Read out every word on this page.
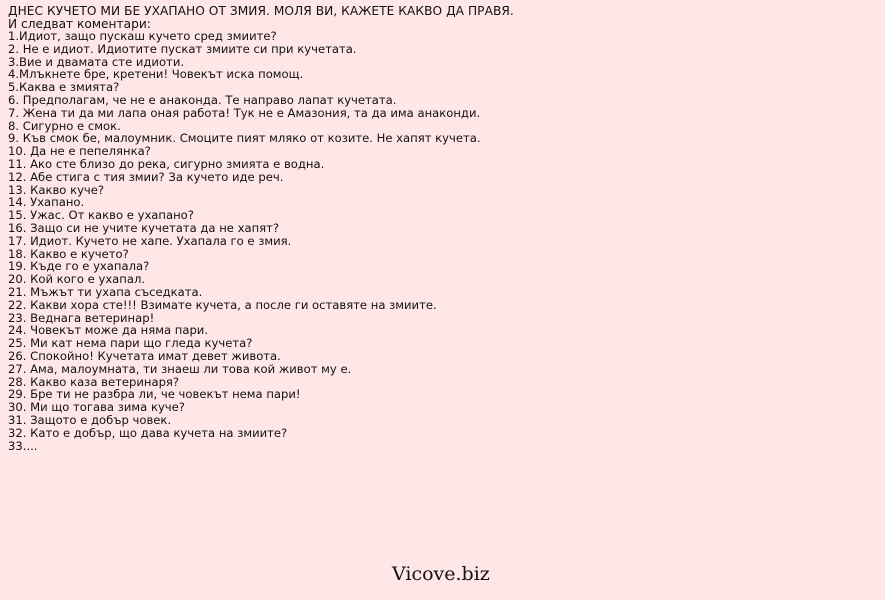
ДНЕС КУЧЕТО МИ БЕ УХАПАНО ОТ ЗМИЯ. МОЛЯ ВИ, КАЖЕТЕ КАКВО ДА ПРАВЯ.
И следват коментари:
1.Идиот, защо пускаш кучето сред змиите?
2. Не е идиот. Идиотите пускат змиите си при кучетата.
3.Вие и двамата сте идиоти.
4.Млъкнете бре, кретени! Човекът иска помощ.
5.Каква е змията?
6. Предполагам, че не е анаконда. Те направо лапат кучетата.
7. Жена ти да ми лапа оная работа! Тук не е Амазония, та да има анаконди.
8. Сигурно е смок.
9. Къв смок бе, малоумник. Смоците пият мляко от козите. Не хапят кучета.
10. Да не е пепелянка?
11. Ако сте близо до река, сигурно змията е водна.
12. Абе стига с тия змии? За кучето иде реч.
13. Какво куче?
14. Ухапано.
15. Ужас. От какво е ухапано?
16. Защо си не учите кучетата да не хапят?
17. Идиот. Кучето не хапе. Ухапала го е змия.
18. Какво е кучето?
19. Къде го е ухапала?
20. Кой кого е ухапал.
21. Мъжът ти ухапа съседката.
22. Какви хора сте!!! Взимате кучета, а после ги оставяте на змиите.
23. Веднага ветеринар!
24. Човекът може да няма пари.
25. Ми кат нема пари що гледа кучета?
26. Спокойно! Кучетата имат девет живота.
27. Ама, малоумната, ти знаеш ли това кой живот му е.
28. Какво каза ветеринаря?
29. Бре ти не разбра ли, че човекът нема пари!
30. Ми що тогава зима куче?
31. Защото е добър човек.
32. Като е добър, що дава кучета на змиите?
33....
Vicove.biz
